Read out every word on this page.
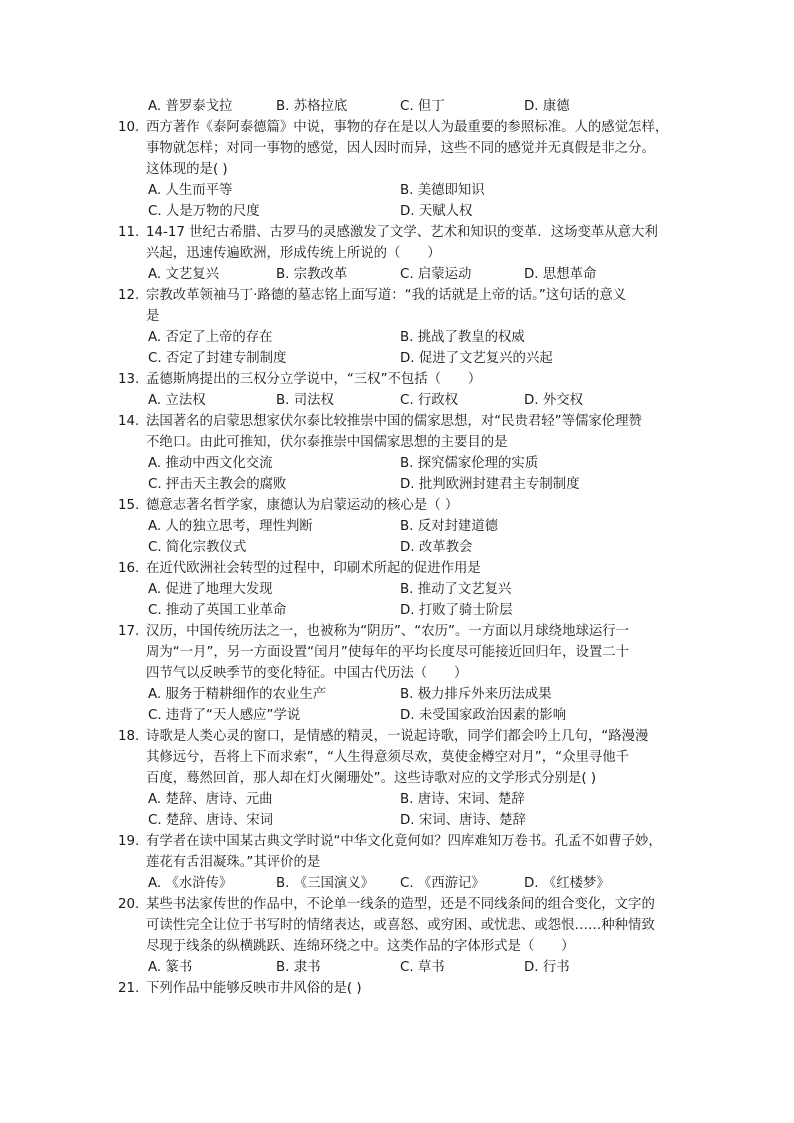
A. 普罗泰戈拉	B. 苏格拉底	C. 但丁	D. 康德
10. 西方著作《泰阿泰德篇》中说，事物的存在是以人为最重要的参照标准。人的感觉怎样，
事物就怎样；对同一事物的感觉，因人因时而异，这些不同的感觉并无真假是非之分。
这体现的是( )
A. 人生而平等	B. 美德即知识
C. 人是万物的尺度	D. 天赋人权
11. 14-17 世纪古希腊、古罗马的灵感激发了文学、艺术和知识的变革．这场变革从意大利
兴起，迅速传遍欧洲，形成传统上所说的（　　）
A. 文艺复兴	B. 宗教改革	C. 启蒙运动	D. 思想革命
12. 宗教改革领袖马丁·路德的墓志铭上面写道：“我的话就是上帝的话。”这句话的意义
是
A. 否定了上帝的存在	B. 挑战了教皇的权威
C. 否定了封建专制制度	D. 促进了文艺复兴的兴起
13. 孟德斯鸠提出的三权分立学说中，“三权”不包括（　　）
A. 立法权	B. 司法权	C. 行政权	D. 外交权
14. 法国著名的启蒙思想家伏尔泰比较推崇中国的儒家思想，对“民贵君轻”等儒家伦理赞
不绝口。由此可推知，伏尔泰推崇中国儒家思想的主要目的是
A. 推动中西文化交流	B. 探究儒家伦理的实质
C. 抨击天主教会的腐败	D. 批判欧洲封建君主专制制度
15. 德意志著名哲学家，康德认为启蒙运动的核心是（ ）
A. 人的独立思考，理性判断	B. 反对封建道德
C. 简化宗教仪式	D. 改革教会
16. 在近代欧洲社会转型的过程中，印刷术所起的促进作用是
A. 促进了地理大发现	B. 推动了文艺复兴
C. 推动了英国工业革命	D. 打败了骑士阶层
17. 汉历，中国传统历法之一，也被称为“阴历”、“农历”。一方面以月球绕地球运行一
周为“一月”，另一方面设置“闰月”使每年的平均长度尽可能接近回归年，设置二十
四节气以反映季节的变化特征。中国古代历法（　　）
A. 服务于精耕细作的农业生产	B. 极力排斥外来历法成果
C. 违背了“天人感应”学说	D. 未受国家政治因素的影响
18. 诗歌是人类心灵的窗口，是情感的精灵，一说起诗歌，同学们都会吟上几句，“路漫漫
其修远兮，吾将上下而求索”，“人生得意须尽欢，莫使金樽空对月”，“众里寻他千
百度，蓦然回首，那人却在灯火阑珊处”。这些诗歌对应的文学形式分别是( )
A. 楚辞、唐诗、元曲	B. 唐诗、宋词、楚辞
C. 楚辞、唐诗、宋词	D. 宋词、唐诗、楚辞
19. 有学者在读中国某古典文学时说“中华文化竟何如？四库难知万卷书。孔孟不如曹子妙，
莲花有舌泪凝珠。”其评价的是
A. 《水浒传》	B. 《三国演义》 C. 《西游记》	D. 《红楼梦》
20. 某些书法家传世的作品中，不论单一线条的造型，还是不同线条间的组合变化，文字的
可读性完全让位于书写时的情绪表达，或喜怒、或穷困、或忧悲、或怨恨……种种情致
尽现于线条的纵横跳跃、连绵环绕之中。这类作品的字体形式是（　　）
A. 篆书	B. 隶书	C. 草书	D. 行书
21. 下列作品中能够反映市井风俗的是( )
